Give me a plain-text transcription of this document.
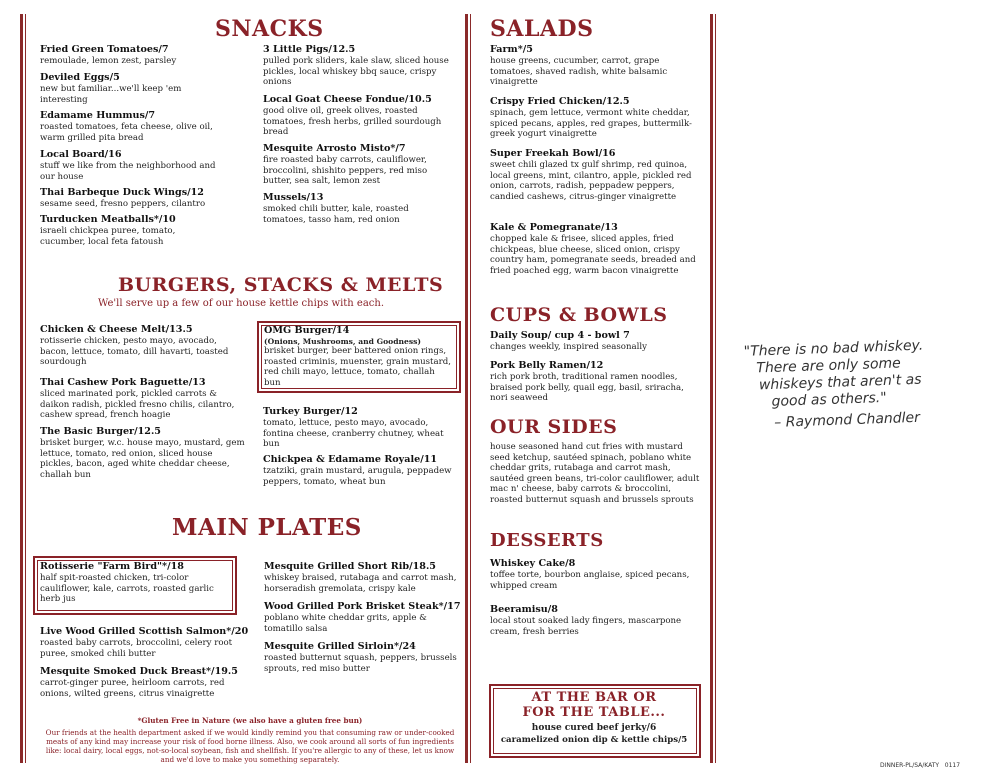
SNACKS
Fried Green Tomatoes/7
remoulade, lemon zest, parsley
Deviled Eggs/5
new but familiar...we'll keep 'em interesting
Edamame Hummus/7
roasted tomatoes, feta cheese, olive oil, warm grilled pita bread
Local Board/16
stuff we like from the neighborhood and our house
Thai Barbeque Duck Wings/12
sesame seed, fresno peppers, cilantro
Turducken Meatballs*/10
israeli chickpea puree, tomato, cucumber, local feta fatoush
3 Little Pigs/12.5
pulled pork sliders, kale slaw, sliced house pickles, local whiskey bbq sauce, crispy onions
Local Goat Cheese Fondue/10.5
good olive oil, greek olives, roasted tomatoes, fresh herbs, grilled sourdough bread
Mesquite Arrosto Misto*/7
fire roasted baby carrots, cauliflower, broccolini, shishito peppers, red miso butter, sea salt, lemon zest
Mussels/13
smoked chili butter, kale, roasted tomatoes, tasso ham, red onion
BURGERS, STACKS & MELTS
We'll serve up a few of our house kettle chips with each.
Chicken & Cheese Melt/13.5
rotisserie chicken, pesto mayo, avocado, bacon, lettuce, tomato, dill havarti, toasted sourdough
Thai Cashew Pork Baguette/13
sliced marinated pork, pickled carrots & daikon radish, pickled fresno chilis, cilantro, cashew spread, french hoagie
The Basic Burger/12.5
brisket burger, w.c. house mayo, mustard, gem lettuce, tomato, red onion, sliced house pickles, bacon, aged white cheddar cheese, challah bun
OMG Burger/14
(Onions, Mushrooms, and Goodness)
brisket burger, beer battered onion rings, roasted criminis, muenster, grain mustard, red chili mayo, lettuce, tomato, challah bun
Turkey Burger/12
tomato, lettuce, pesto mayo, avocado, fontina cheese, cranberry chutney, wheat bun
Chickpea & Edamame Royale/11
tzatziki, grain mustard, arugula, peppadew peppers, tomato, wheat bun
MAIN PLATES
Rotisserie "Farm Bird"*/18
half spit-roasted chicken, tri-color cauliflower, kale, carrots, roasted garlic herb jus
Live Wood Grilled Scottish Salmon*/20
roasted baby carrots, broccolini, celery root puree, smoked chili butter
Mesquite Smoked Duck Breast*/19.5
carrot-ginger puree, heirloom carrots, red onions, wilted greens, citrus vinaigrette
Mesquite Grilled Short Rib/18.5
whiskey braised, rutabaga and carrot mash, horseradish gremolata, crispy kale
Wood Grilled Pork Brisket Steak*/17
poblano white cheddar grits, apple & tomatillo salsa
Mesquite Grilled Sirloin*/24
roasted butternut squash, peppers, brussels sprouts, red miso butter
*Gluten Free in Nature (we also have a gluten free bun)
Our friends at the health department asked if we would kindly remind you that consuming raw or under-cooked meats of any kind may increase your risk of food borne illness. Also, we cook around all sorts of fun ingredients like: local dairy, local eggs, not-so-local soybean, fish and shellfish. If you're allergic to any of these, let us know and we'd love to make you something separately.
SALADS
Farm*/5
house greens, cucumber, carrot, grape tomatoes, shaved radish, white balsamic vinaigrette
Crispy Fried Chicken/12.5
spinach, gem lettuce, vermont white cheddar, spiced pecans, apples, red grapes, buttermilk-greek yogurt vinaigrette
Super Freekah Bowl/16
sweet chili glazed tx gulf shrimp, red quinoa, local greens, mint, cilantro, apple, pickled red onion, carrots, radish, peppadew peppers, candied cashews, citrus-ginger vinaigrette
Kale & Pomegranate/13
chopped kale & frisee, sliced apples, fried chickpeas, blue cheese, sliced onion, crispy country ham, pomegranate seeds, breaded and fried poached egg, warm bacon vinaigrette
CUPS & BOWLS
Daily Soup/ cup 4 - bowl 7
changes weekly, inspired seasonally
Pork Belly Ramen/12
rich pork broth, traditional ramen noodles, braised pork belly, quail egg, basil, sriracha, nori seaweed
OUR SIDES
house seasoned hand cut fries with mustard seed ketchup, sautéed spinach, poblano white cheddar grits, rutabaga and carrot mash, sautéed green beans, tri-color cauliflower, adult mac n' cheese, baby carrots & broccolini, roasted butternut squash and brussels sprouts
DESSERTS
Whiskey Cake/8
toffee torte, bourbon anglaise, spiced pecans, whipped cream
Beeramisu/8
local stout soaked lady fingers, mascarpone cream, fresh berries
AT THE BAR OR
FOR THE TABLE...
house cured beef jerky/6
caramelized onion dip & kettle chips/5
"There is no bad whiskey.
There are only some
whiskeys that aren't as
good as others."
– Raymond Chandler
DINNER-PL/SA/KATY   0117
